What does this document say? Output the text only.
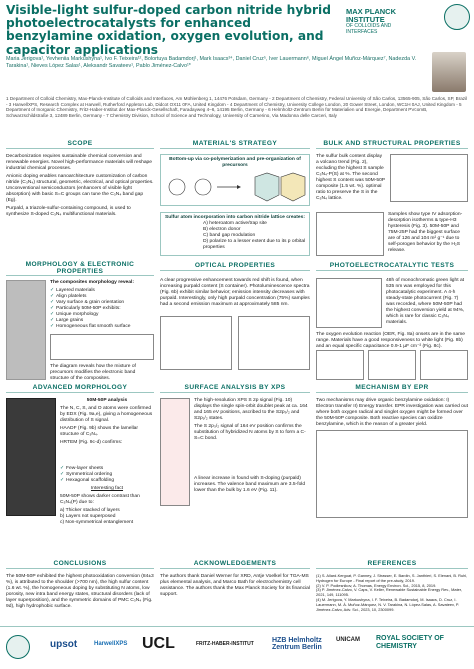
Visible-light sulfur-doped carbon nitride hybrid photoelectrocatalysts for enhanced benzylamine oxidation, oxygen evolution, and capacitor applications
MAX PLANCK INSTITUTE
OF COLLOIDS AND INTERFACES
Maria Jerigova¹, Yevheniia Markushyna¹, Ivo F. Teixeira¹², Bolortuya Badamdorj¹, Mark Isaacs³⁴, Daniel Cruz⁵, Iver Lauermann⁶, Miguel Ángel Muñoz-Márquez⁷, Nadezda V. Tarakina¹, Nieves López Salas¹, Aleksandr Savateev¹, Pablo Jiménez-Calvo¹*
1 Department of Colloid Chemistry, Max-Planck-Institute of Colloids and Interfaces, Am Mühlenberg 1, 14476 Potsdam, Germany - 2 Department of Chemistry, Federal University of São Carlos, 13565-905, São Carlos, SP, Brazil - 3 HarwellXPS, Research Complex at Harwell, Rutherford Appleton Lab, Didcot OX11 0FA, United Kingdom - 4 Department of Chemistry, University College London, 20 Gower Street, London, WC1H 0AJ, United Kingdom - 5 Department of Inorganic Chemistry, Fritz-Haber-Institut der Max-Planck-Gesellschaft, Faradayweg 4–6, 14195 Berlin, Germany - 6 Helmholtz-Zentrum Berlin für Materialien und Energie, Department PVcomB, Schwarzschildstraße 3, 12489 Berlin, Germany - 7 Chemistry Division, School of Science and Technology, University of Camerino, Via Madonna delle Carceri, Italy
SCOPE	MATERIAL'S STRATEGY	BULK AND STRUCTURAL PROPERTIES

Decarbonization requires sustainable chemical conversion and renewable energies. Novel high-performance materials will reshape industrial chemical processes.

Anionic doping enables nanoarchitecture customization of carbon nitride (C₃N₄) structural, geometric, electrical, and optical properties. Unconventional semiconductors (enhancers of visible light absorption) with basic S=C groups can tune the C₃N₄ band gap (Eg).

Purpald, a triazole-sulfur-containing compound, is used to synthesize S-doped C₃N₄ multifunctional materials.

Bottom-up via co-polymerization and pre-organization of precursors
Sulfur atom incorporation into carbon nitride lattice creates:
A) heteroatom active/trap site
B) electron donor
C) band gap modulation
D) polarize to a lesser extent due to its p orbital properties
The sulfur bulk content display a volcano trend (Fig. 2), excluding the highest S sample C₃N₄-P(S) at %. The second highest S content was 50M-50P composite (1.5 wt. %). optimal ratio to preserve the S in the C₃N₄ lattice.
Samples show type IV adsorption-desorption isotherms & type-H3 hysteresis (Fig. 3). 50M-50P and 75M-25P had the biggest surface are of 126 and 104 m² g⁻¹ due to self-porogen behavior by the H₂S release.
MORPHOLOGY & ELECTRONIC PROPERTIES
OPTICAL PROPERTIES	PHOTOELECTROCATALYTIC TESTS
The composites morphology reveal:
✓ Layered materials
✓ Align platelets
✓ Vary surface & grain orientation
✓ Particularly 50M-50P exhibits:
✓ Unique morphology
✓ Large grains
✓ Homogeneous flat smooth surface
The diagram reveals how the mixture of precursors modifies the electronic band structure of the composites.
A clear progressive enhancement towards red shift is found, when increasing purpald content (S container). Photoluminescence spectra (Fig. 6b) exhibit similar behavior; emission intensity decreases with purpald. Interestingly, only high purpald concentration (75%) samples had a second emission maximum at approximately 585 nm.
48h of monochromatic green light at 535 nm was employed for this photocatalytic experiment. A 4-h steady-state photocurrent (Fig. 7) was recorded, where 50M-50P had the highest conversion yield at 94%, which is rare for classic C₃N₄ materials.
The oxygen evolution reaction (OER, Fig. 8a) onsets are in the same range. Materials have a good responsiveness to white light (Fig. 8b) and an equal specific capacitance 0.9-1 µF cm⁻² (Fig. 8c).
ADVANCED MORPHOLOGY	SURFACE ANALYSIS BY XPS	MECHANISM BY EPR

50M-50P analysis

The N, C, S, and O atoms were confirmed by EDX (Fig. 9a,e), giving a homogeneous distribution of S signal.

HAADF (Fig. 9b) shows the lamellar structure of C₃N₄.

HRTEM (Fig. 9c-d) confirms:

✓ Few-layer sheets
✓ Symmetrical ordering
✓ Hexagonal scaffolding

Interesting fact

50M-50P shows darker contrast than C₃N₄(P) due to:

a) Thicker stacked of layers
b) Layers not superposed
c) Non-symmetrical entanglement

The high-resolution XPS S 2p signal (Fig. 10) displays the single spin-orbit doublet peak at ca. 164 and 165 eV positions, ascribed to the S2p₃/₂ and S2p₁/₂ states.

The S 2p₃/₂ signal of 164 eV position confirms the substitution of hybridized N atoms by S to form a C-S=C bond.

A linear increase in found with S-doping (purpald) increases. The valence band maximum are 3.5-fold lower than the bulk by 1.6 eV (Fig. 11).
Two mechanisms may drive organic benzylamine oxidation: I) Electron transfer II) Energy transfer. EPR investigation was carried out where both oxygen radical and singlet oxygen might be formed over the 50M-50P composite. Both reactive species can oxidize benzylamine, which is the reason of a greater yield.
CONCLUSIONS	ACKNOWLEDGEMENTS	REFERENCES
The 50M-50P exhibited the highest photooxidation conversion (84±3 %), is attributed to the shoulder (>700 nm), the high sulfur content (1.6 wt. %), the homogeneous doping by substituting N atoms, low porosity, new intra band energy states, structural disorders (lack of layer superposition), and the symmetric domains of PMC C₃N₄ (Fig. 9d), high hydrophobic surface.
The authors thank Daniel Werner for XRD, Antje Voelkel for TGA-MS plus elemental analysis, and Marco Bath for electrochemistry cell assistance. The authors thank the Max Planck Society for its financial support.
(1) S. Allard-Kergoat, P. Ganney, J. Strasser, E. Bardin, S. Janthieri, S. Elenani, B. Ruhl, Hydrogen for Europe - Final report of the pre-study, 2019.
(2) V. P. Podlesnikov, A. Thomas, Energy Environ. Sci., 2015, 8, 2019.
(3) P. Jiménez-Calvo, V. Caps, V. Keller, Renewable Sustainable Energy Rev., Mater, 2021, 149, 111095.
(4) M. Jerigova, Y. Markushyna, I. F. Teixeira, B. Badamdorj, M. Isaacs, D. Cruz, I. Lauermann, M. Á. Muñoz-Márquez, N. V. Tarakina, N. López-Salas, A. Savateev, P. Jiménez-Calvo, Adv. Sci., 2023, 10, 2300099.
upsot	HarwellXPS UCL	FRITZ-HABER-INSTITUT	HZB Helmholtz Zentrum Berlin
UNICAM ROYAL SOCIETY OF CHEMISTRY
